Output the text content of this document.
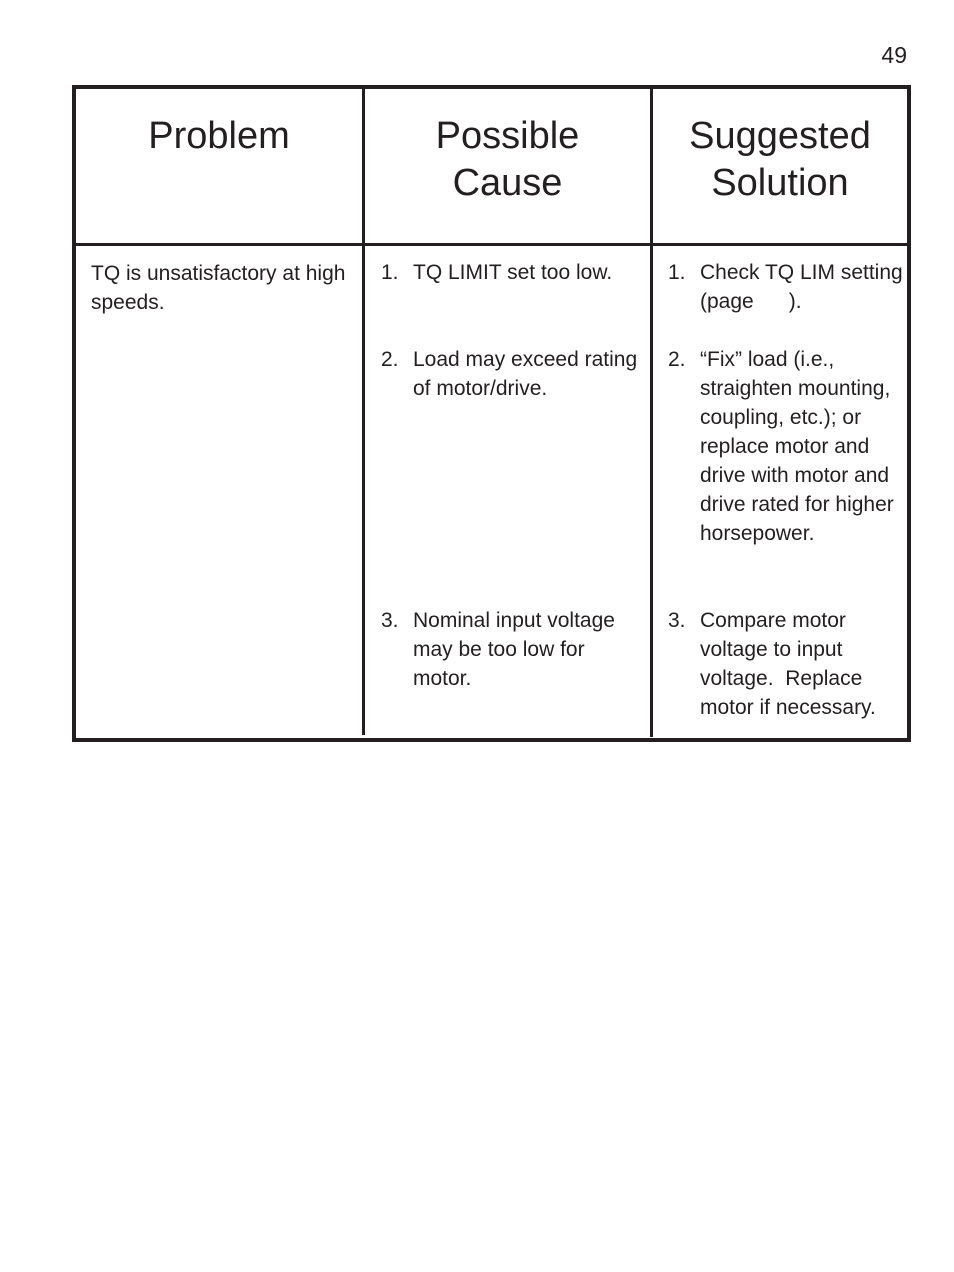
49
Problem	Possible
Cause
Suggested
Solution
TQ is unsatisfactory at high speeds.
1. TQ LIMIT set too low.	1. Check TQ LIM setting (page      ).
2. Load may exceed rating of motor/drive.
2. “Fix” load (i.e., straighten mounting, coupling, etc.); or replace motor and drive with motor and drive rated for higher horsepower.
3. Nominal input voltage may be too low for motor.
3. Compare motor voltage to input voltage.  Replace motor if necessary.
